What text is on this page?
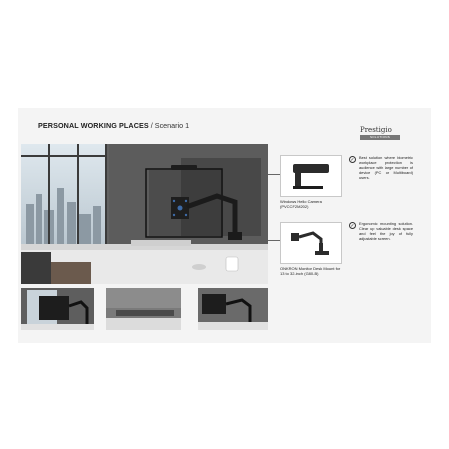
PERSONAL WORKING PLACES / Scenario 1	Prestigio
SOLUTIONS
Windows Hello Camera (PVCCF2M202)
ONKRON Monitor Desk Mount for 13 to 32-inch (G80-B)
✓	Best solution where biometric workplace protection is audience with large number of device (PC or Multiboard) users.
✓	Ergonomic mounting solution. Clear up valuable desk space and feel the joy of fully adjustable screen.
